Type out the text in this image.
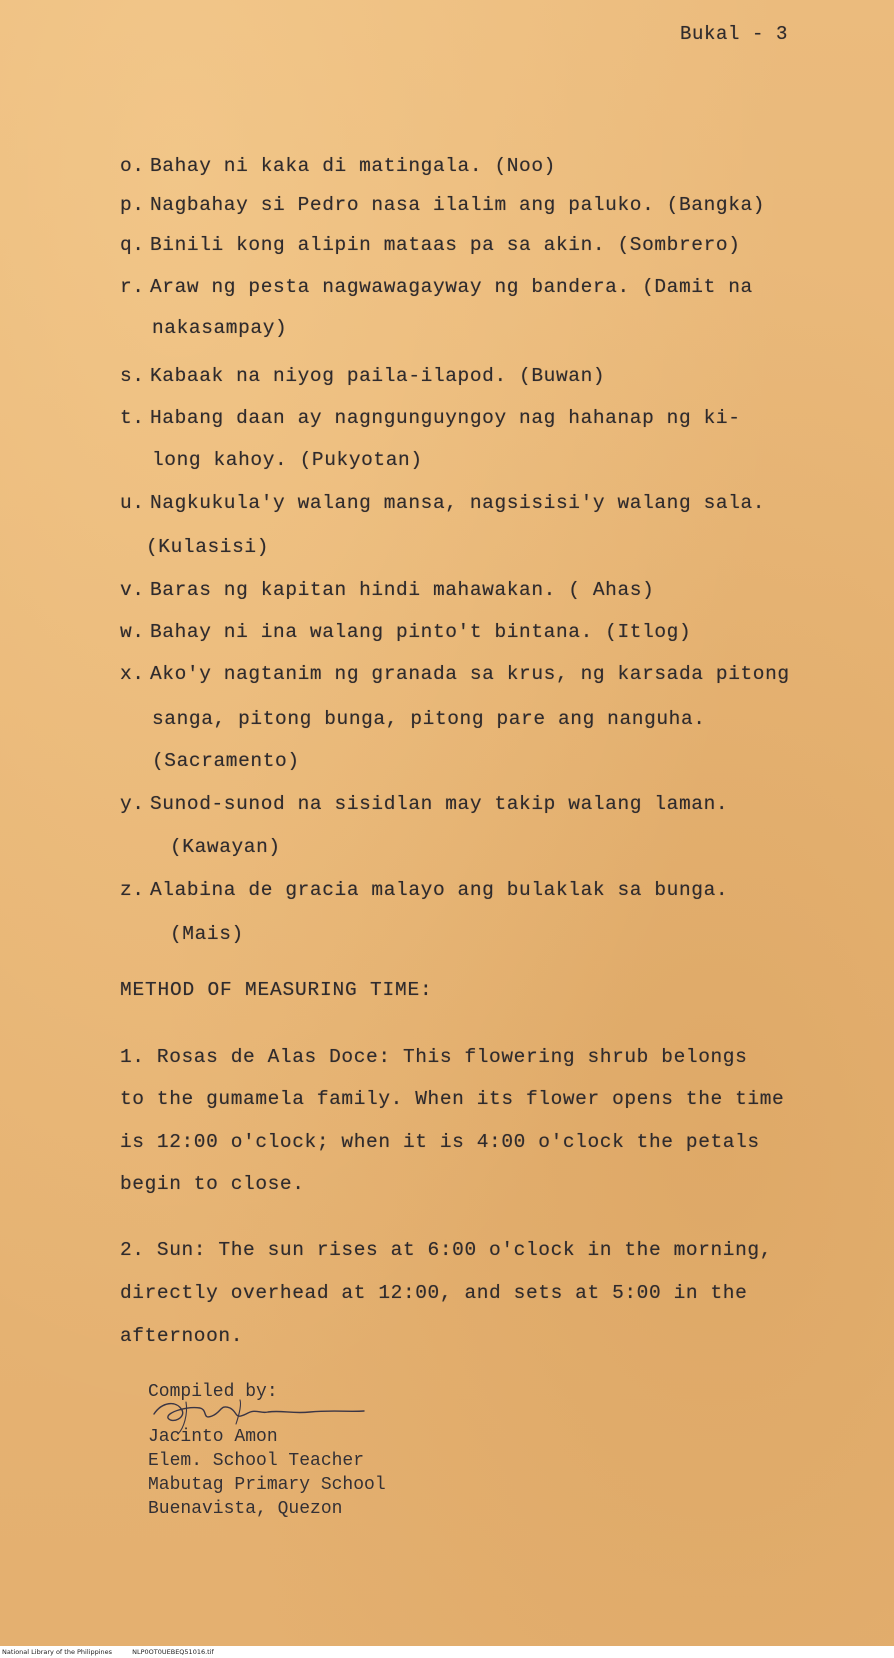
Bukal - 3
o. Bahay ni kaka di matingala. (Noo)
p. Nagbahay si Pedro nasa ilalim ang paluko. (Bangka)
q. Binili kong alipin mataas pa sa akin. (Sombrero)
r. Araw ng pesta nagwawagayway ng bandera. (Damit na
nakasampay)
s. Kabaak na niyog paila-ilapod. (Buwan)
t. Habang daan ay nagngunguyngoy nag hahanap ng ki-
long kahoy. (Pukyotan)
u. Nagkukula'y walang mansa, nagsisisi'y walang sala.
(Kulasisi)
v. Baras ng kapitan hindi mahawakan. ( Ahas)
w. Bahay ni ina walang pinto't bintana. (Itlog)
x. Ako'y nagtanim ng granada sa krus, ng karsada pitong
sanga, pitong bunga, pitong pare ang nanguha.
(Sacramento)
y. Sunod-sunod na sisidlan may takip walang laman.
(Kawayan)
z. Alabina de gracia malayo ang bulaklak sa bunga.
(Mais)
METHOD OF MEASURING TIME:
1. Rosas de Alas Doce: This flowering shrub belongs
to the gumamela family. When its flower opens the time
is 12:00 o'clock; when it is 4:00 o'clock the petals
begin to close.
2. Sun: The sun rises at 6:00 o'clock in the morning,
directly overhead at 12:00, and sets at 5:00 in the
afternoon.
Compiled by:
Jacinto Amon
Elem. School Teacher
Mabutag Primary School
Buenavista, Quezon
National Library of the Philippines	NLP0OT0UEBEQ51016.tif
